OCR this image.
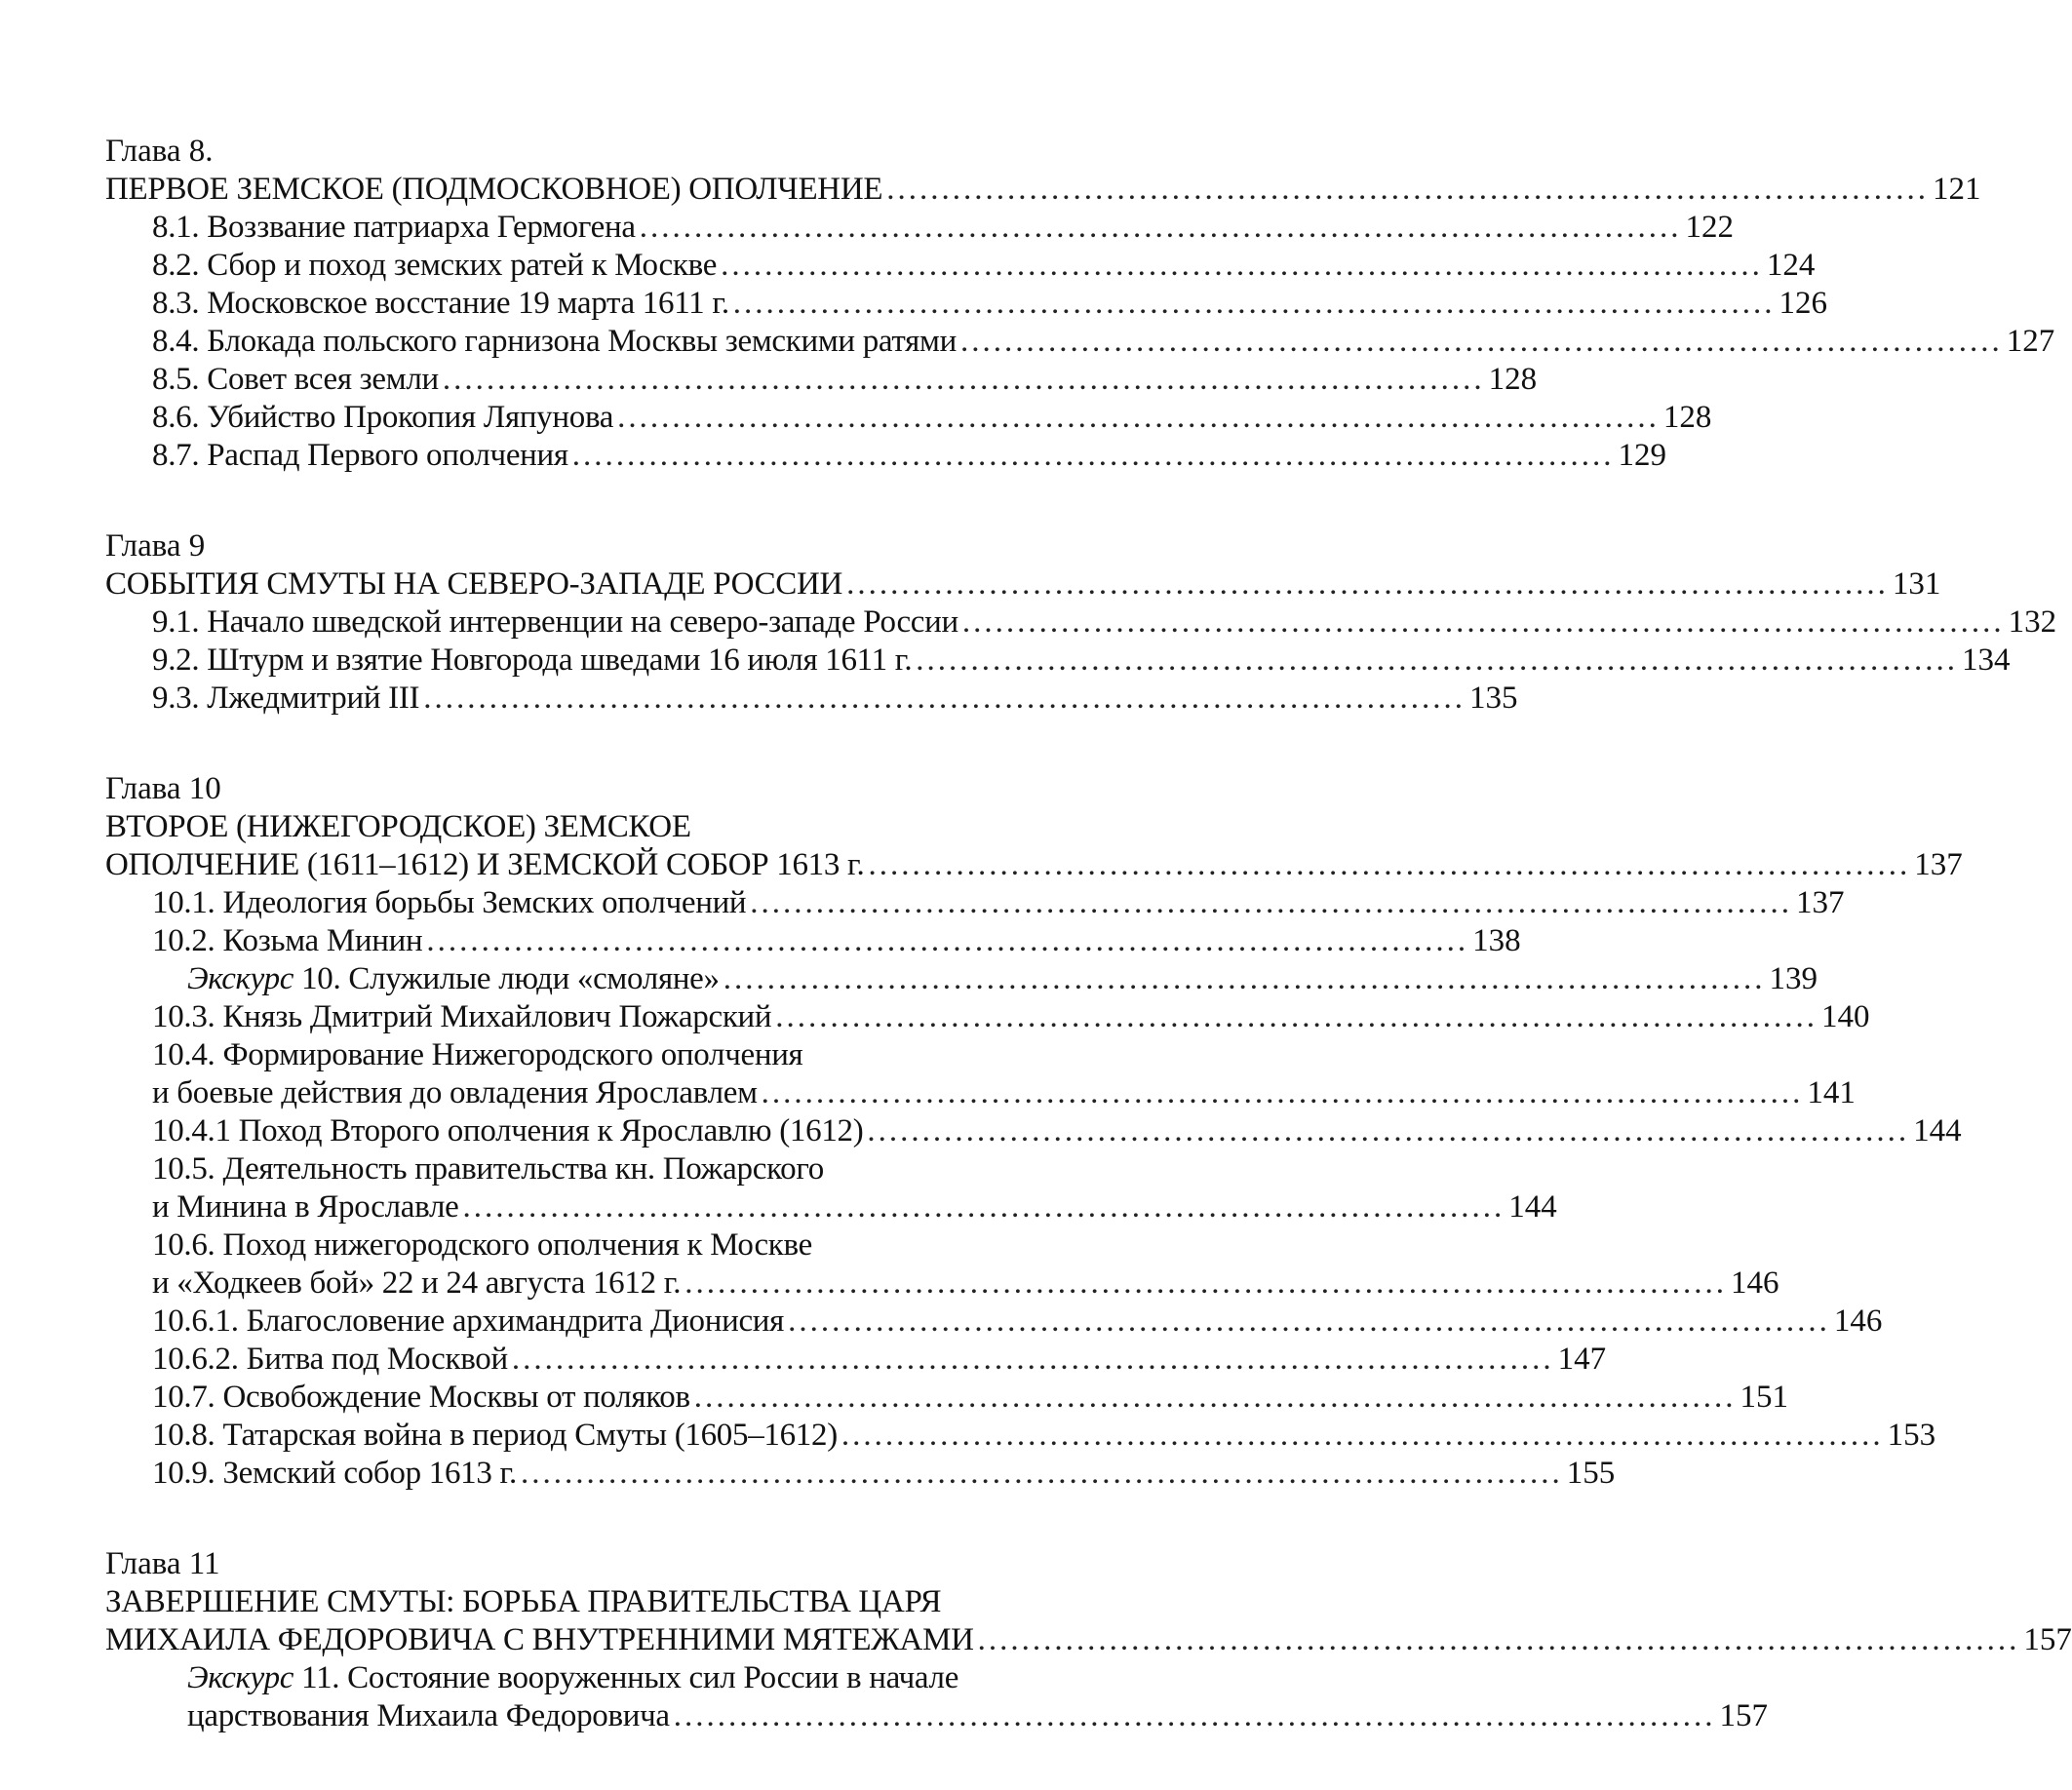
Глава 8.
ПЕРВОЕ ЗЕМСКОЕ (ПОДМОСКОВНОЕ) ОПОЛЧЕНИЕ ............................................................................................... 121
8.1. Воззвание патриарха Гермогена ............................................................................................... 122
8.2. Сбор и поход земских ратей к Москве ............................................................................................... 124
8.3. Московское восстание 19 марта 1611 г. ............................................................................................... 126
8.4. Блокада польского гарнизона Москвы земскими ратями ............................................................................................... 127
8.5. Совет всея земли ............................................................................................... 128
8.6. Убийство Прокопия Ляпунова ............................................................................................... 128
8.7. Распад Первого ополчения ............................................................................................... 129
Глава 9
СОБЫТИЯ СМУТЫ НА СЕВЕРО-ЗАПАДЕ РОССИИ ............................................................................................... 131
9.1. Начало шведской интервенции на северо-западе России ............................................................................................... 132
9.2. Штурм и взятие Новгорода шведами 16 июля 1611 г. ............................................................................................... 134
9.3. Лжедмитрий III ............................................................................................... 135
Глава 10
ВТОРОЕ (НИЖЕГОРОДСКОЕ) ЗЕМСКОЕ
ОПОЛЧЕНИЕ (1611–1612) И ЗЕМСКОЙ СОБОР 1613 г. ............................................................................................... 137
10.1. Идеология борьбы Земских ополчений ............................................................................................... 137
10.2. Козьма Минин ............................................................................................... 138
Экскурс 10. Служилые люди «смоляне» ............................................................................................... 139
10.3. Князь Дмитрий Михайлович Пожарский ............................................................................................... 140
10.4. Формирование Нижегородского ополчения
и боевые действия до овладения Ярославлем ............................................................................................... 141
10.4.1 Поход Второго ополчения к Ярославлю (1612) ............................................................................................... 144
10.5. Деятельность правительства кн. Пожарского
и Минина в Ярославле ............................................................................................... 144
10.6. Поход нижегородского ополчения к Москве
и «Ходкеев бой» 22 и 24 августа 1612 г. ............................................................................................... 146
10.6.1. Благословение архимандрита Дионисия ............................................................................................... 146
10.6.2. Битва под Москвой ............................................................................................... 147
10.7. Освобождение Москвы от поляков ............................................................................................... 151
10.8. Татарская война в период Смуты (1605–1612) ............................................................................................... 153
10.9. Земский собор 1613 г. ............................................................................................... 155
Глава 11
ЗАВЕРШЕНИЕ СМУТЫ: БОРЬБА ПРАВИТЕЛЬСТВА ЦАРЯ
МИХАИЛА ФЕДОРОВИЧА С ВНУТРЕННИМИ МЯТЕЖАМИ ............................................................................................... 157
Экскурс 11. Состояние вооруженных сил России в начале
царствования Михаила Федоровича ............................................................................................... 157
